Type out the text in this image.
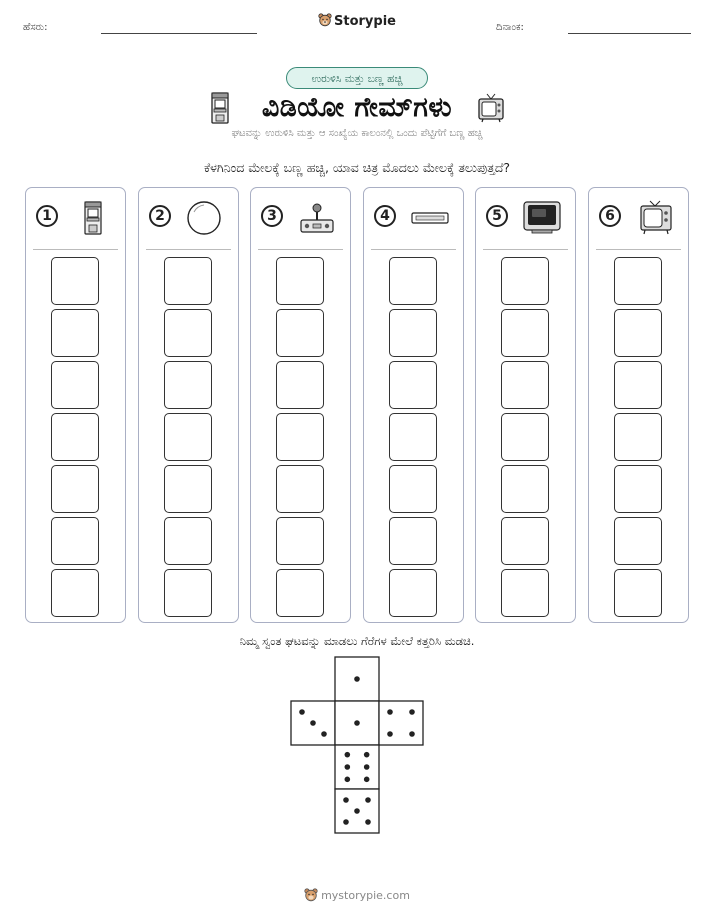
ಹೆಸರು:	Storypie	ದಿನಾಂಕ:
ಉರುಳಿಸಿ ಮತ್ತು ಬಣ್ಣ ಹಚ್ಚಿ
ವಿಡಿಯೋ ಗೇಮ್‌ಗಳು
ಘಟವನ್ನು ಉರುಳಿಸಿ ಮತ್ತು ಆ ಸಂಖ್ಯೆಯ ಕಾಲಂನಲ್ಲಿ ಒಂದು ಪೆಟ್ಟಿಗೆಗೆ ಬಣ್ಣ ಹಚ್ಚಿ
ಕೆಳಗಿನಿಂದ ಮೇಲಕ್ಕೆ ಬಣ್ಣ ಹಚ್ಚಿ, ಯಾವ ಚಿತ್ರ ಮೊದಲು ಮೇಲಕ್ಕೆ ತಲುಪುತ್ತದೆ?
1	2	3	4	5	6
ನಿಮ್ಮ ಸ್ವಂತ ಘಟವನ್ನು ಮಾಡಲು ಗೆರೆಗಳ ಮೇಲೆ ಕತ್ತರಿಸಿ ಮಡಚಿ.
mystorypie.com
